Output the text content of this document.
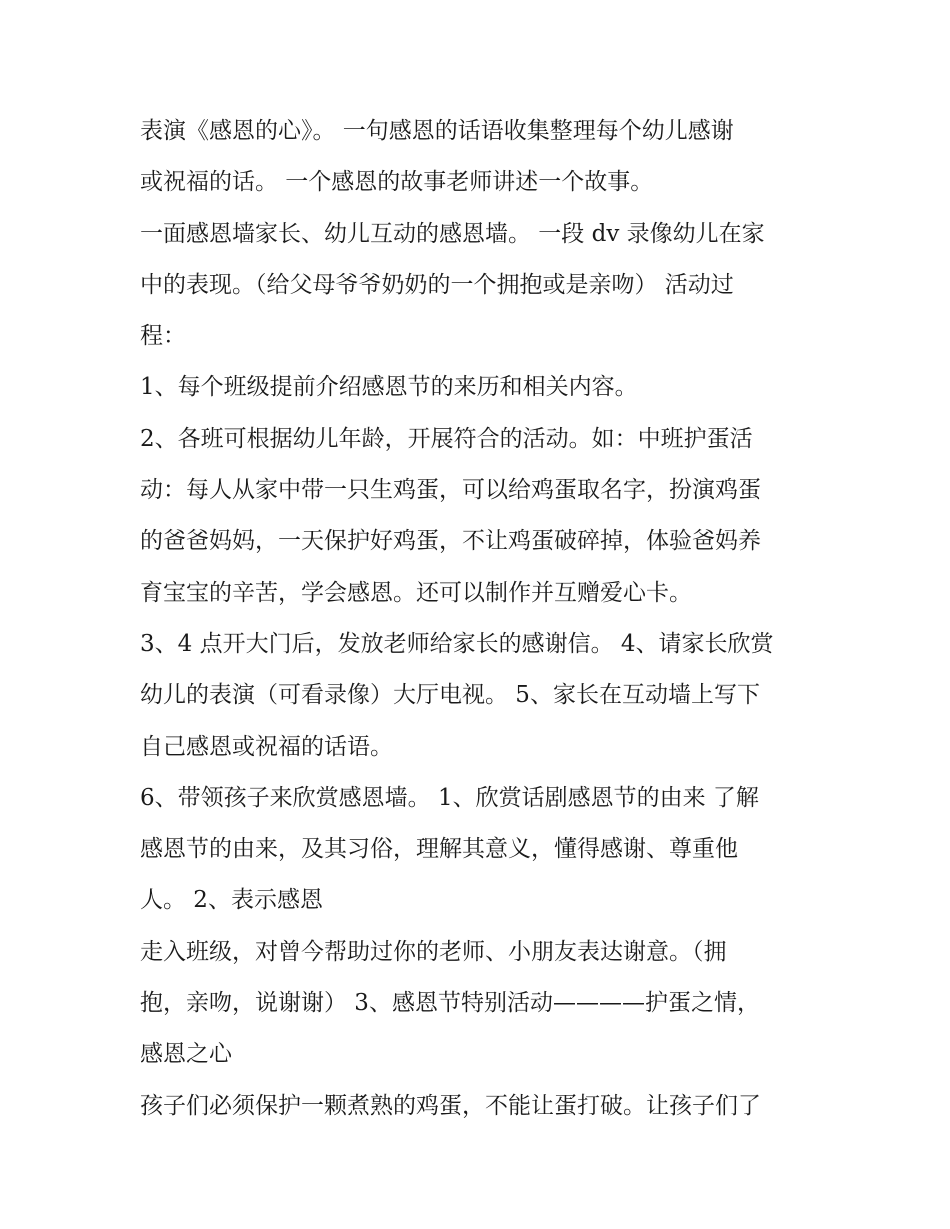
表演《感恩的心》。 一句感恩的话语收集整理每个幼儿感谢

或祝福的话。 一个感恩的故事老师讲述一个故事。

一面感恩墙家长、幼儿互动的感恩墙。 一段 dv 录像幼儿在家

中的表现。（给父母爷爷奶奶的一个拥抱或是亲吻） 活动过

程：

1、每个班级提前介绍感恩节的来历和相关内容。

2、各班可根据幼儿年龄，开展符合的活动。如：中班护蛋活

动：每人从家中带一只生鸡蛋，可以给鸡蛋取名字，扮演鸡蛋

的爸爸妈妈，一天保护好鸡蛋，不让鸡蛋破碎掉，体验爸妈养

育宝宝的辛苦，学会感恩。还可以制作并互赠爱心卡。

3、4 点开大门后，发放老师给家长的感谢信。 4、请家长欣赏

幼儿的表演（可看录像）大厅电视。 5、家长在互动墙上写下

自己感恩或祝福的话语。

6、带领孩子来欣赏感恩墙。 1、欣赏话剧感恩节的由来 了解

感恩节的由来，及其习俗，理解其意义，懂得感谢、尊重他

人。 2、表示感恩

走入班级，对曾今帮助过你的老师、小朋友表达谢意。（拥

抱，亲吻，说谢谢） 3、感恩节特别活动————护蛋之情，

感恩之心

孩子们必须保护一颗煮熟的鸡蛋，不能让蛋打破。让孩子们了
